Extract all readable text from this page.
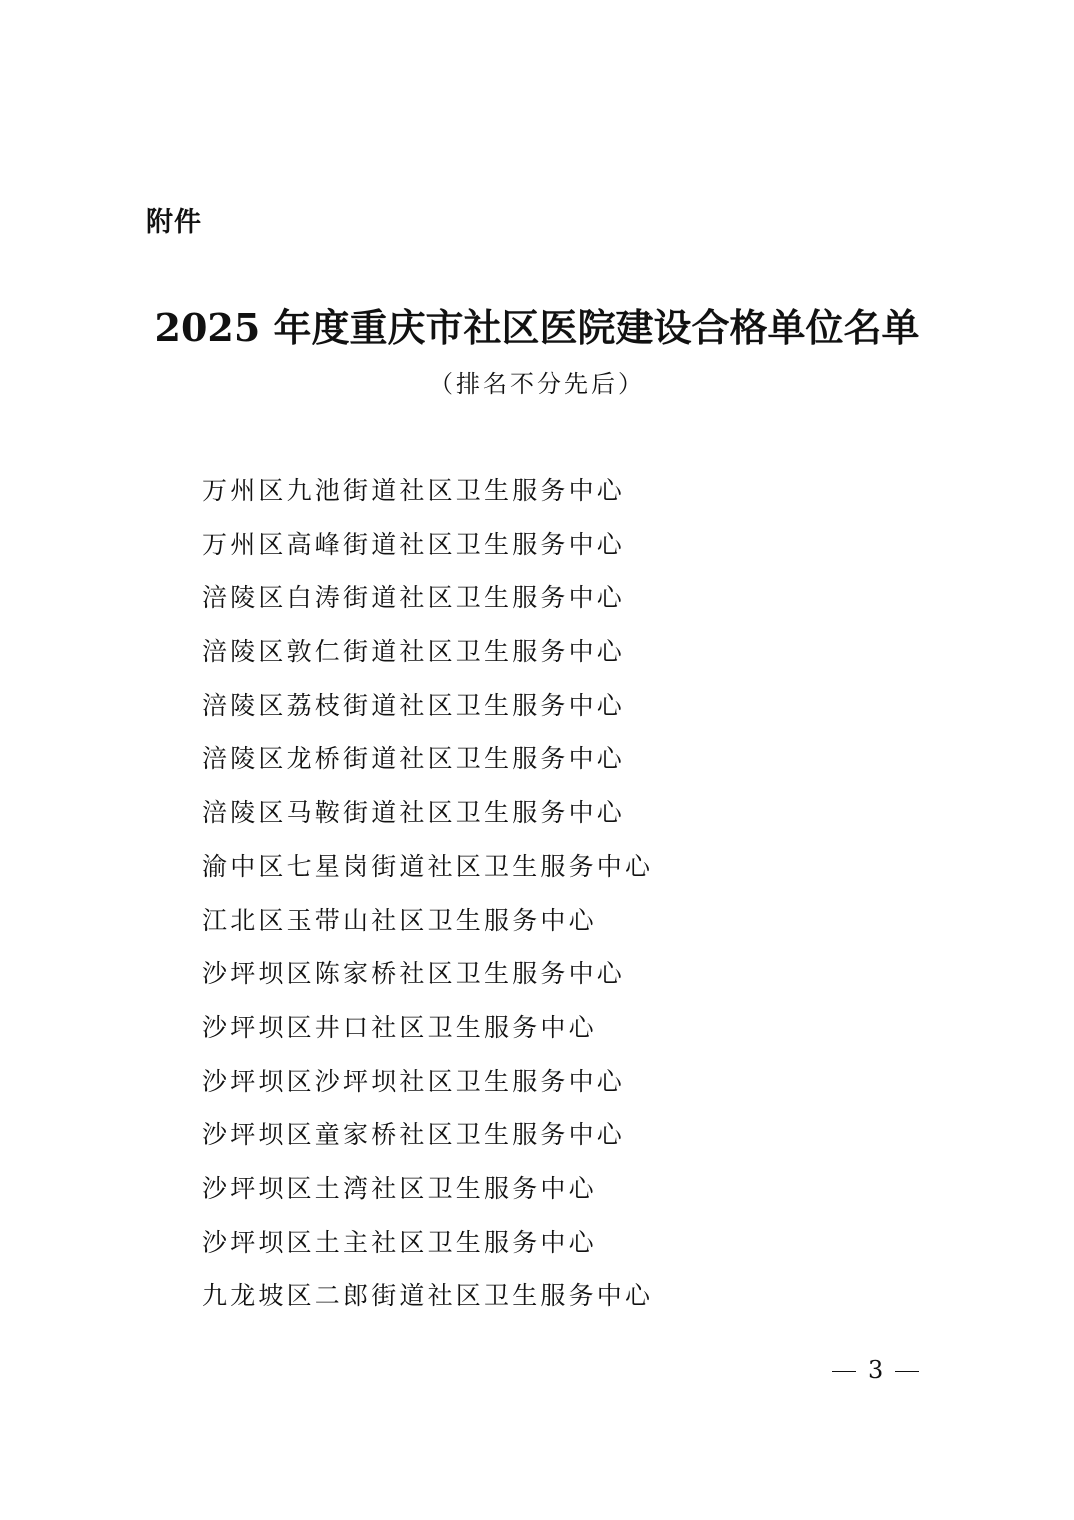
附件
2025 年度重庆市社区医院建设合格单位名单
（排名不分先后）
万州区九池街道社区卫生服务中心
万州区高峰街道社区卫生服务中心
涪陵区白涛街道社区卫生服务中心
涪陵区敦仁街道社区卫生服务中心
涪陵区荔枝街道社区卫生服务中心
涪陵区龙桥街道社区卫生服务中心
涪陵区马鞍街道社区卫生服务中心
渝中区七星岗街道社区卫生服务中心
江北区玉带山社区卫生服务中心
沙坪坝区陈家桥社区卫生服务中心
沙坪坝区井口社区卫生服务中心
沙坪坝区沙坪坝社区卫生服务中心
沙坪坝区童家桥社区卫生服务中心
沙坪坝区土湾社区卫生服务中心
沙坪坝区土主社区卫生服务中心
九龙坡区二郎街道社区卫生服务中心
3
